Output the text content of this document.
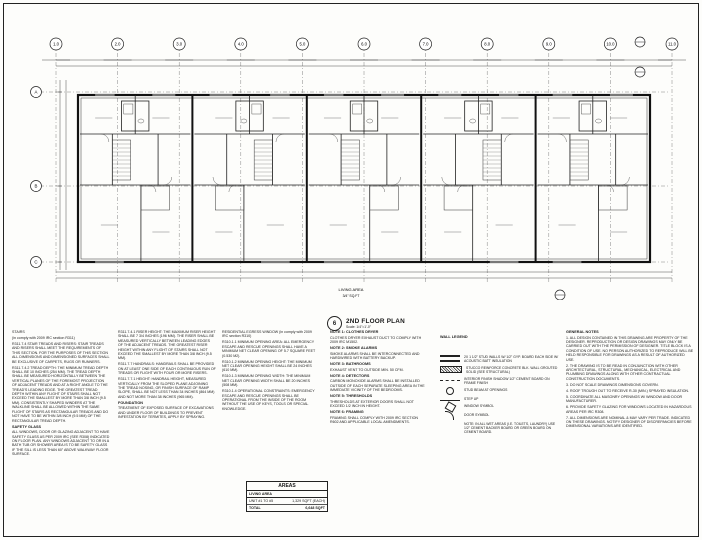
1.0	2.0	3.0	4.0	5.0	6.0	7.0	8.0	9.0	10.0	11.0
A
B
C
LIVING AREA
3/4" SQ.FT
6	2ND FLOOR PLAN
Scale: 1/4"=1'-0"

STAIRS

(in comply with 2009 IRC section R311)

R311.7.4 STAIR TREADS AND RISERS: STAIR TREADS AND RISERS SHALL MEET THE REQUIREMENTS OF THIS SECTION. FOR THE PURPOSES OF THIS SECTION ALL DIMENSIONS AND DIMENSIONED SURFACES SHALL BE EXCLUSIVE OF CARPETS, RUGS OR RUNNERS.

R311.7.4.2 TREAD DEPTH: THE MINIMUM TREAD DEPTH SHALL BE 10 INCHES (254 MM). THE TREAD DEPTH SHALL BE MEASURED HORIZONTALLY BETWEEN THE VERTICAL PLANES OF THE FOREMOST PROJECTION OF ADJACENT TREADS AND AT A RIGHT ANGLE TO THE TREAD'S LEADING EDGE. THE GREATEST TREAD DEPTH WITHIN ANY FLIGHT OF STAIRS SHALL NOT EXCEED THE SMALLEST BY MORE THAN 3/8 INCH (9.5 MM). CONSISTENTLY SHAPED WINDERS AT THE WALKLINE SHALL BE ALLOWED WITHIN THE SAME FLIGHT OF STAIRS AS RECTANGULAR TREADS AND DO NOT HAVE TO BE WITHIN 3/8 INCH (9.5 MM) OF THE RECTANGULAR TREAD DEPTH.

SAFETY GLASS

ALL WINDOWS, DOOR OR GLAZING ADJACENT TO HAVE SAFETY GLASS AS PER 2009 IRC (SEE R308) INDICATED ON FLOOR PLAN. ANY WINDOWS ADJACENT TO OR IN A BATH TUB OR SHOWER AREA IS TO BE SAFETY GLASS IF THE SILL IS LESS THAN 60" ABOVE WALKWAY FLOOR SURFACE.

R311.7.4.1 RISER HEIGHT: THE MAXIMUM RISER HEIGHT SHALL BE 7 3/4 INCHES (196 MM). THE RISER SHALL BE MEASURED VERTICALLY BETWEEN LEADING EDGES OF THE ADJACENT TREADS. THE GREATEST RISER HEIGHT WITHIN ANY FLIGHT OF STAIRS SHALL NOT EXCEED THE SMALLEST BY MORE THAN 3/8 INCH (9.5 MM).

R311.7.7 HANDRAILS: HANDRAILS SHALL BE PROVIDED ON AT LEAST ONE SIDE OF EACH CONTINUOUS RUN OF TREADS OR FLIGHT WITH FOUR OR MORE RISERS.

R311.7.7.1 HEIGHT: HANDRAIL HEIGHT, MEASURED VERTICALLY FROM THE SLOPED PLANE ADJOINING THE TREAD NOSING, OR FINISH SURFACE OF RAMP SLOPE, SHALL BE NOT LESS THAN 34 INCHES (864 MM) AND NOT MORE THAN 38 INCHES (965 MM).

FOUNDATION

TREATMENT OF EXPOSED SURFACE OF EXCAVATIONS AND UNDER FLOOR OF BUILDINGS TO PREVENT INFESTATION BY TERMITES, APPLY BY SPRAYING.

RESIDENTIAL EGRESS WINDOW (in comply with 2009 IRC section R310)

R310.1.1 MINIMUM OPENING AREA: ALL EMERGENCY ESCAPE AND RESCUE OPENINGS SHALL HAVE A MINIMUM NET CLEAR OPENING OF 5.7 SQUARE FEET (0.530 M2).

R310.1.2 MINIMUM OPENING HEIGHT: THE MINIMUM NET CLEAR OPENING HEIGHT SHALL BE 24 INCHES (610 MM).

R310.1.3 MINIMUM OPENING WIDTH: THE MINIMUM NET CLEAR OPENING WIDTH SHALL BE 20 INCHES (508 MM).

R310.1.4 OPERATIONAL CONSTRAINTS: EMERGENCY ESCAPE AND RESCUE OPENINGS SHALL BE OPERATIONAL FROM THE INSIDE OF THE ROOM WITHOUT THE USE OF KEYS, TOOLS OR SPECIAL KNOWLEDGE.

NOTE 1: CLOTHES DRYER

CLOTHES DRYER EXHAUST DUCT TO COMPLY WITH 2009 IRC M1502.

NOTE 2: SMOKE ALARMS

SMOKE ALARMS SHALL BE INTERCONNECTED AND HARDWIRED WITH BATTERY BACKUP.

NOTE 3: BATHROOMS

EXHAUST VENT TO OUTSIDE MIN. 50 CFM.

NOTE 4: DETECTORS

CARBON MONOXIDE ALARMS SHALL BE INSTALLED OUTSIDE OF EACH SEPARATE SLEEPING AREA IN THE IMMEDIATE VICINITY OF THE BEDROOMS.

NOTE 5: THRESHOLDS

THRESHOLDS AT EXTERIOR DOORS SHALL NOT EXCEED 1/2 INCH IN HEIGHT.

NOTE 6: FRAMING

FRAMING SHALL COMPLY WITH 2009 IRC SECTION R602 AND APPLICABLE LOCAL AMENDMENTS.

WALL LEGEND
2X 1 1/2" STUD WALLS W/ 1/2" GYP. BOARD EACH SIDE W/ ACOUSTIC BATT INSULATION
STUCCO REINFORCE CONCRETE BLK. WALL GROUTED SOLID (SEE STRUCTURAL)
INTERIOR FINISH SHADOW 1/2" CEMENT BOARD ON FRAME FINISH
STUD BEAM AT OPENINGS
STEP UP
WINDOW SYMBOL
DOOR SYMBOL
NOTE: IN ALL WET AREAS (I.E. TOILETS, LAUNDRY) USE 1/2" CEMENT BACKER BOARD OR GREEN BOARD ON CEMENT BOARD.
GENERAL NOTES

1. ALL DESIGN CONTAINED IN THIS DRAWING ARE PROPERTY OF THE DESIGNER. REPRODUCTION OR DESIGN DRAWINGS MAY ONLY BE CARRIED OUT WITH THE PERMISSION OF DESIGNER. TITLE BLOCK IS A CONDITION OF USE. NO PERSON AUTHORIZED TO REPRODUCE WILL BE HELD RESPONSIBLE FOR DRAWINGS AS A RESULT OF AUTHORIZED USE.

2. THE DRAWING IS TO BE READ IN CONJUNCTION WITH OTHER ARCHITECTURAL, STRUCTURAL, MECHANICAL, ELECTRICAL AND PLUMBING DRAWINGS ALONG WITH OTHER CONTRACTUAL CONSTRUCTION DOCUMENTS.

3. DO NOT SCALE DRAWINGS DIMENSIONS GOVERN.

4. ROOF TROUGH OUT TO RECEIVE R-30 (MIN.) SPRAYED INSULATION.

5. COORDINATE ALL MASONRY OPENINGS W/ WINDOW AND DOOR MANUFACTURER.

6. PROVIDE SAFETY GLAZING FOR WINDOWS LOCATED IN HAZARDOUS AREAS PER IRC R308.

7. ALL DIMENSIONS ARE NOMINAL & MAY VARY PER TRADE. INDICATED ON THESE DRAWINGS. NOTIFY DESIGNER OF DISCREPANCIES BEFORE DIMENSIONAL VARIATIONS ARE IDENTIFIED.

AREAS
LIVING AREA
UNIT #1 TO #5	1,329 SQFT (EACH)
TOTAL	6,648 SQFT
